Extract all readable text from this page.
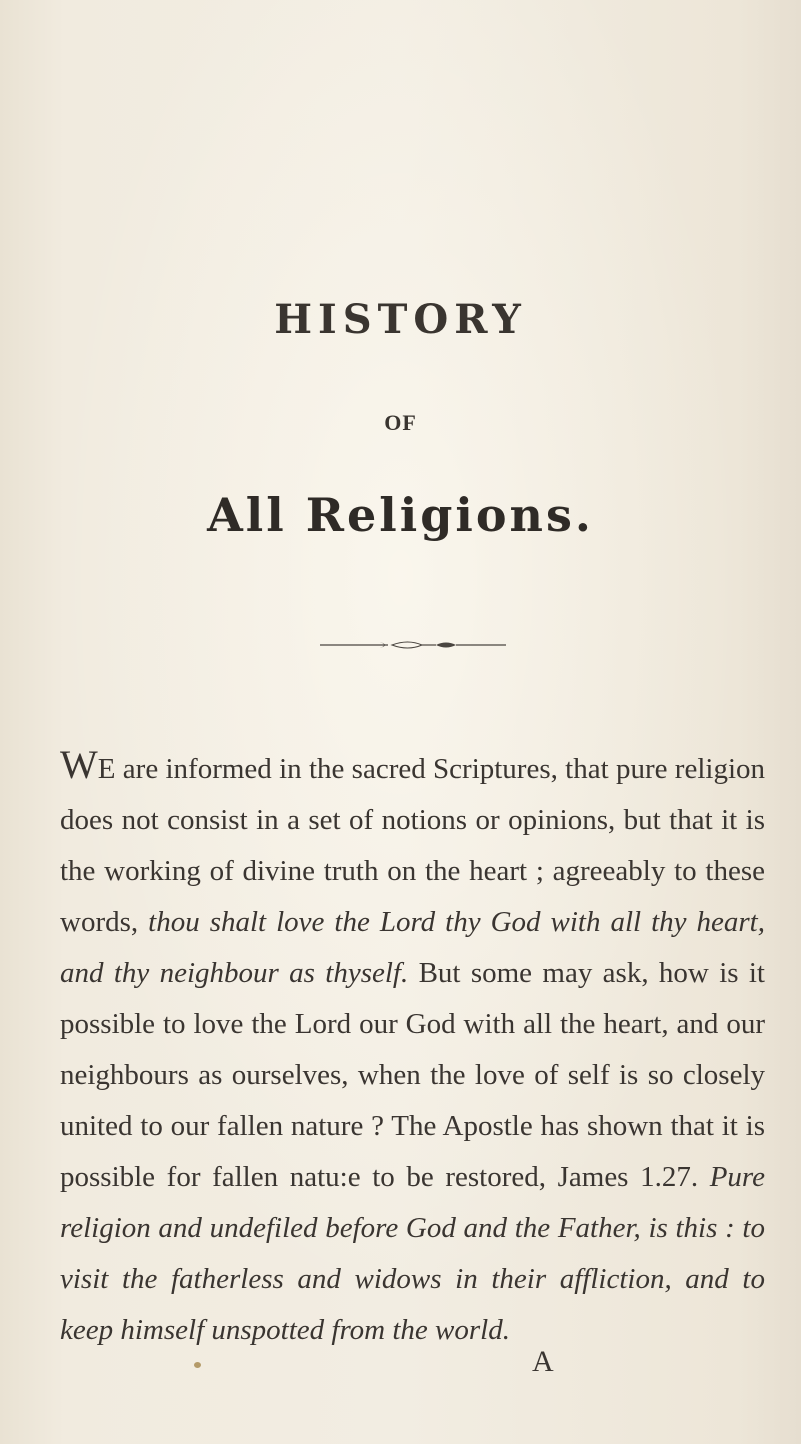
HISTORY
OF
All Religions.
WE are informed in the sacred Scriptures, that pure religion does not consist in a set of notions or opinions, but that it is the working of divine truth on the heart ; agreeably to these words, thou shalt love the Lord thy God with all thy heart, and thy neighbour as thyself. But some may ask, how is it possible to love the Lord our God with all the heart, and our neighbours as ourselves, when the love of self is so closely united to our fallen nature ? The Apostle has shown that it is possible for fallen natu:e to be restored, James 1.27. Pure religion and undefiled before God and the Father, is this : to visit the fatherless and widows in their affliction, and to keep himself unspotted from the world.
A
